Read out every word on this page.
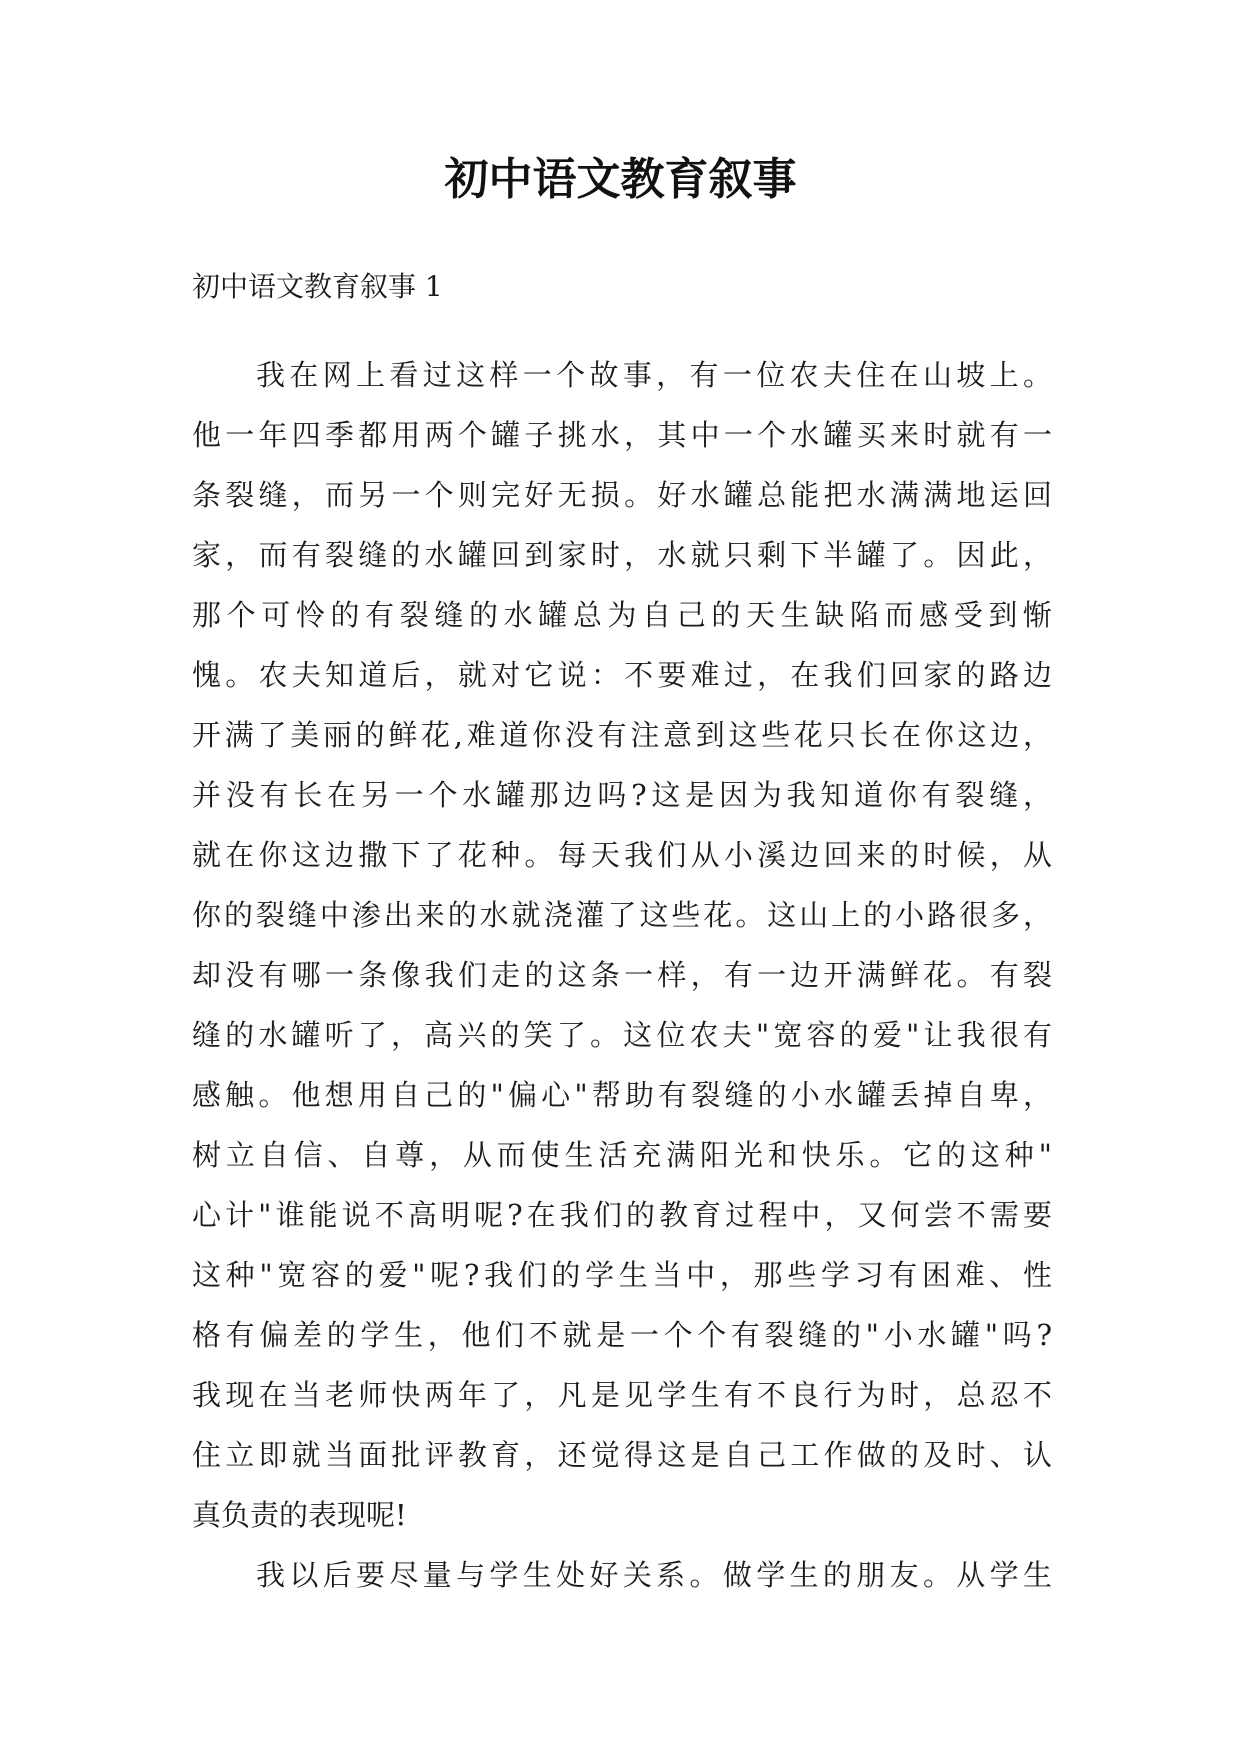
初中语文教育叙事
初中语文教育叙事 1
我在网上看过这样一个故事，有一位农夫住在山坡上。
他一年四季都用两个罐子挑水，其中一个水罐买来时就有一
条裂缝，而另一个则完好无损。好水罐总能把水满满地运回
家，而有裂缝的水罐回到家时，水就只剩下半罐了。因此，
那个可怜的有裂缝的水罐总为自己的天生缺陷而感受到惭
愧。农夫知道后，就对它说：不要难过，在我们回家的路边
开满了美丽的鲜花,难道你没有注意到这些花只长在你这边，
并没有长在另一个水罐那边吗?这是因为我知道你有裂缝，
就在你这边撒下了花种。每天我们从小溪边回来的时候，从
你的裂缝中渗出来的水就浇灌了这些花。这山上的小路很多，
却没有哪一条像我们走的这条一样，有一边开满鲜花。有裂
缝的水罐听了，高兴的笑了。这位农夫"宽容的爱"让我很有
感触。他想用自己的"偏心"帮助有裂缝的小水罐丢掉自卑，
树立自信、自尊，从而使生活充满阳光和快乐。它的这种"
心计"谁能说不高明呢?在我们的教育过程中，又何尝不需要
这种"宽容的爱"呢?我们的学生当中，那些学习有困难、性
格有偏差的学生，他们不就是一个个有裂缝的"小水罐"吗?
我现在当老师快两年了，凡是见学生有不良行为时，总忍不
住立即就当面批评教育，还觉得这是自己工作做的及时、认
真负责的表现呢!
我以后要尽量与学生处好关系。做学生的朋友。从学生
